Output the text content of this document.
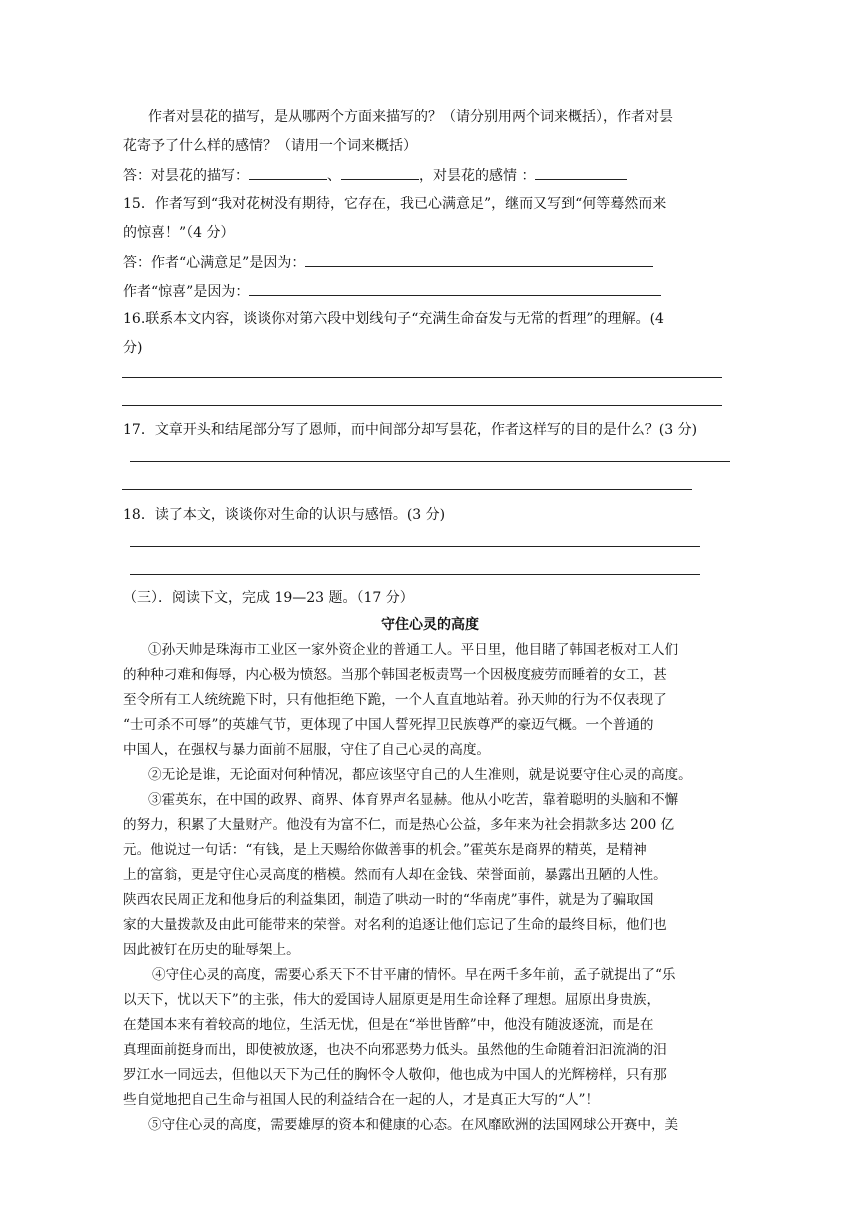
作者对昙花的描写，是从哪两个方面来描写的？（请分别用两个词来概括），作者对昙
花寄予了什么样的感情？（请用一个词来概括）
答：对昙花的描写：	、	，对昙花的感情 ：
15．作者写到“我对花树没有期待，它存在，我已心满意足”，继而又写到“何等蓦然而来
的惊喜！”（4 分）
答：作者“心满意足”是因为：
作者“惊喜”是因为：
16.联系本文内容，谈谈你对第六段中划线句子“充满生命奋发与无常的哲理”的理解。(4
分)
17．文章开头和结尾部分写了恩师，而中间部分却写昙花，作者这样写的目的是什么？(3 分)
18．读了本文，谈谈你对生命的认识与感悟。(3 分)
（三）．阅读下文，完成 19—23 题。（17 分）
守住心灵的高度
①孙天帅是珠海市工业区一家外资企业的普通工人。平日里，他目睹了韩国老板对工人们
的种种刁难和侮辱，内心极为愤怒。当那个韩国老板责骂一个因极度疲劳而睡着的女工，甚
至令所有工人统统跪下时，只有他拒绝下跪，一个人直直地站着。孙天帅的行为不仅表现了
“士可杀不可辱”的英雄气节，更体现了中国人誓死捍卫民族尊严的豪迈气概。一个普通的
中国人，在强权与暴力面前不屈服，守住了自己心灵的高度。
②无论是谁，无论面对何种情况，都应该坚守自己的人生准则，就是说要守住心灵的高度。
③霍英东，在中国的政界、商界、体育界声名显赫。他从小吃苦，靠着聪明的头脑和不懈
的努力，积累了大量财产。他没有为富不仁，而是热心公益，多年来为社会捐款多达 200 亿
元。他说过一句话：“有钱，是上天赐给你做善事的机会。”霍英东是商界的精英，是精神
上的富翁，更是守住心灵高度的楷模。然而有人却在金钱、荣誉面前，暴露出丑陋的人性。
陕西农民周正龙和他身后的利益集团，制造了哄动一时的“华南虎”事件，就是为了骗取国
家的大量拨款及由此可能带来的荣誉。对名利的追逐让他们忘记了生命的最终目标，他们也
因此被钉在历史的耻辱架上。
④守住心灵的高度，需要心系天下不甘平庸的情怀。早在两千多年前，孟子就提出了“乐
以天下，忧以天下”的主张，伟大的爱国诗人屈原更是用生命诠释了理想。屈原出身贵族，
在楚国本来有着较高的地位，生活无忧，但是在“举世皆醉”中，他没有随波逐流，而是在
真理面前挺身而出，即使被放逐，也决不向邪恶势力低头。虽然他的生命随着汩汩流淌的汨
罗江水一同远去，但他以天下为己任的胸怀令人敬仰，他也成为中国人的光辉榜样，只有那
些自觉地把自己生命与祖国人民的利益结合在一起的人，才是真正大写的“人”！
⑤守住心灵的高度，需要雄厚的资本和健康的心态。在风靡欧洲的法国网球公开赛中，美
